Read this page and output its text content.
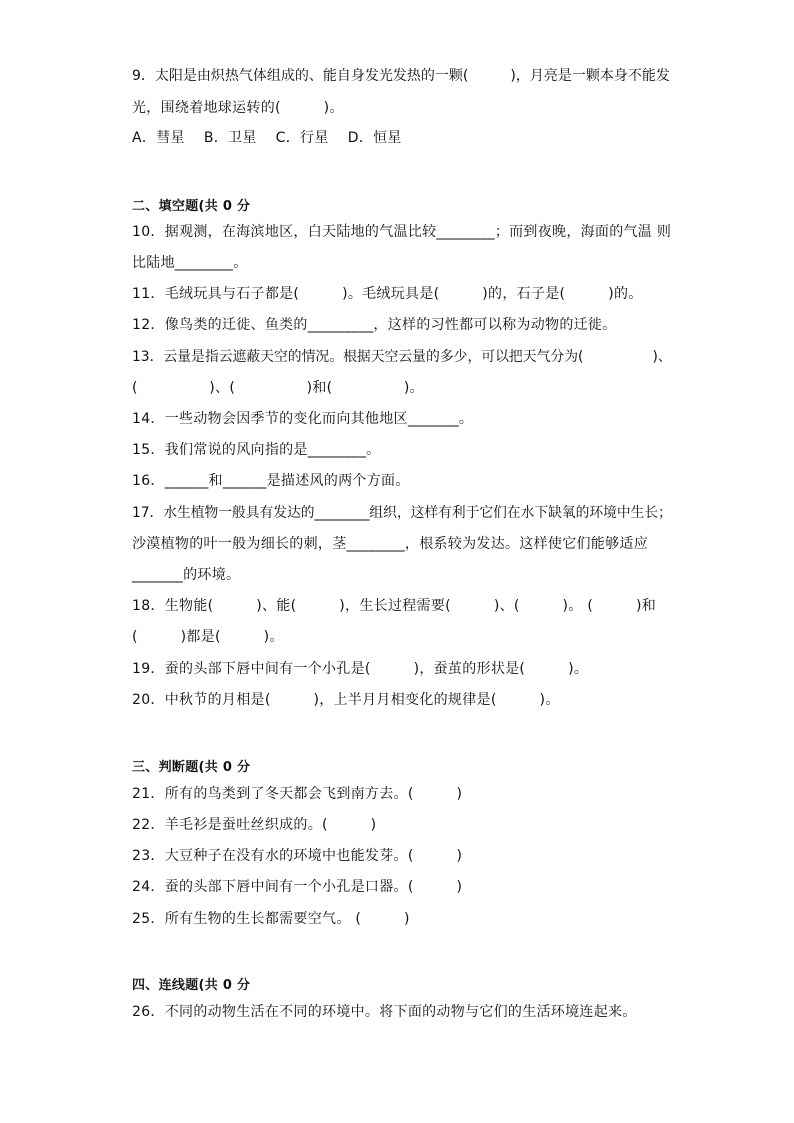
9．太阳是由炽热气体组成的、能自身发光发热的一颗(　　　)，月亮是一颗本身不能发
光，围绕着地球运转的(　　　)。
A．彗星　 B．卫星　 C．行星　 D．恒星
二、填空题(共 0 分
10．据观测，在海滨地区，白天陆地的气温比较________；而到夜晚，海面的气温 则
比陆地________。
11．毛绒玩具与石子都是(　　　)。毛绒玩具是(　　　)的，石子是(　　　)的。
12．像鸟类的迁徙、鱼类的_________，这样的习性都可以称为动物的迁徙。
13．云量是指云遮蔽天空的情况。根据天空云量的多少，可以把天气分为(　　　　　)、
(　　　　　)、(　　　　　)和(　　　　　)。
14．一些动物会因季节的变化而向其他地区_______。
15．我们常说的风向指的是________。
16．______和______是描述风的两个方面。
17．水生植物一般具有发达的________组织，这样有利于它们在水下缺氧的环境中生长；
沙漠植物的叶一般为细长的刺，茎________，根系较为发达。这样使它们能够适应
_______的环境。
18．生物能(　　　)、能(　　　)，生长过程需要(　　　)、(　　　)。 (　　　)和
(　　　)都是(　　　)。
19．蚕的头部下唇中间有一个小孔是(　　　)，蚕茧的形状是(　　　)。
20．中秋节的月相是(　　　)，上半月月相变化的规律是(　　　)。
三、判断题(共 0 分
21．所有的鸟类到了冬天都会飞到南方去。(　　　)
22．羊毛衫是蚕吐丝织成的。(　　　)
23．大豆种子在没有水的环境中也能发芽。(　　　)
24．蚕的头部下唇中间有一个小孔是口器。(　　　)
25．所有生物的生长都需要空气。 (　　　)
四、连线题(共 0 分
26．不同的动物生活在不同的环境中。将下面的动物与它们的生活环境连起来。
